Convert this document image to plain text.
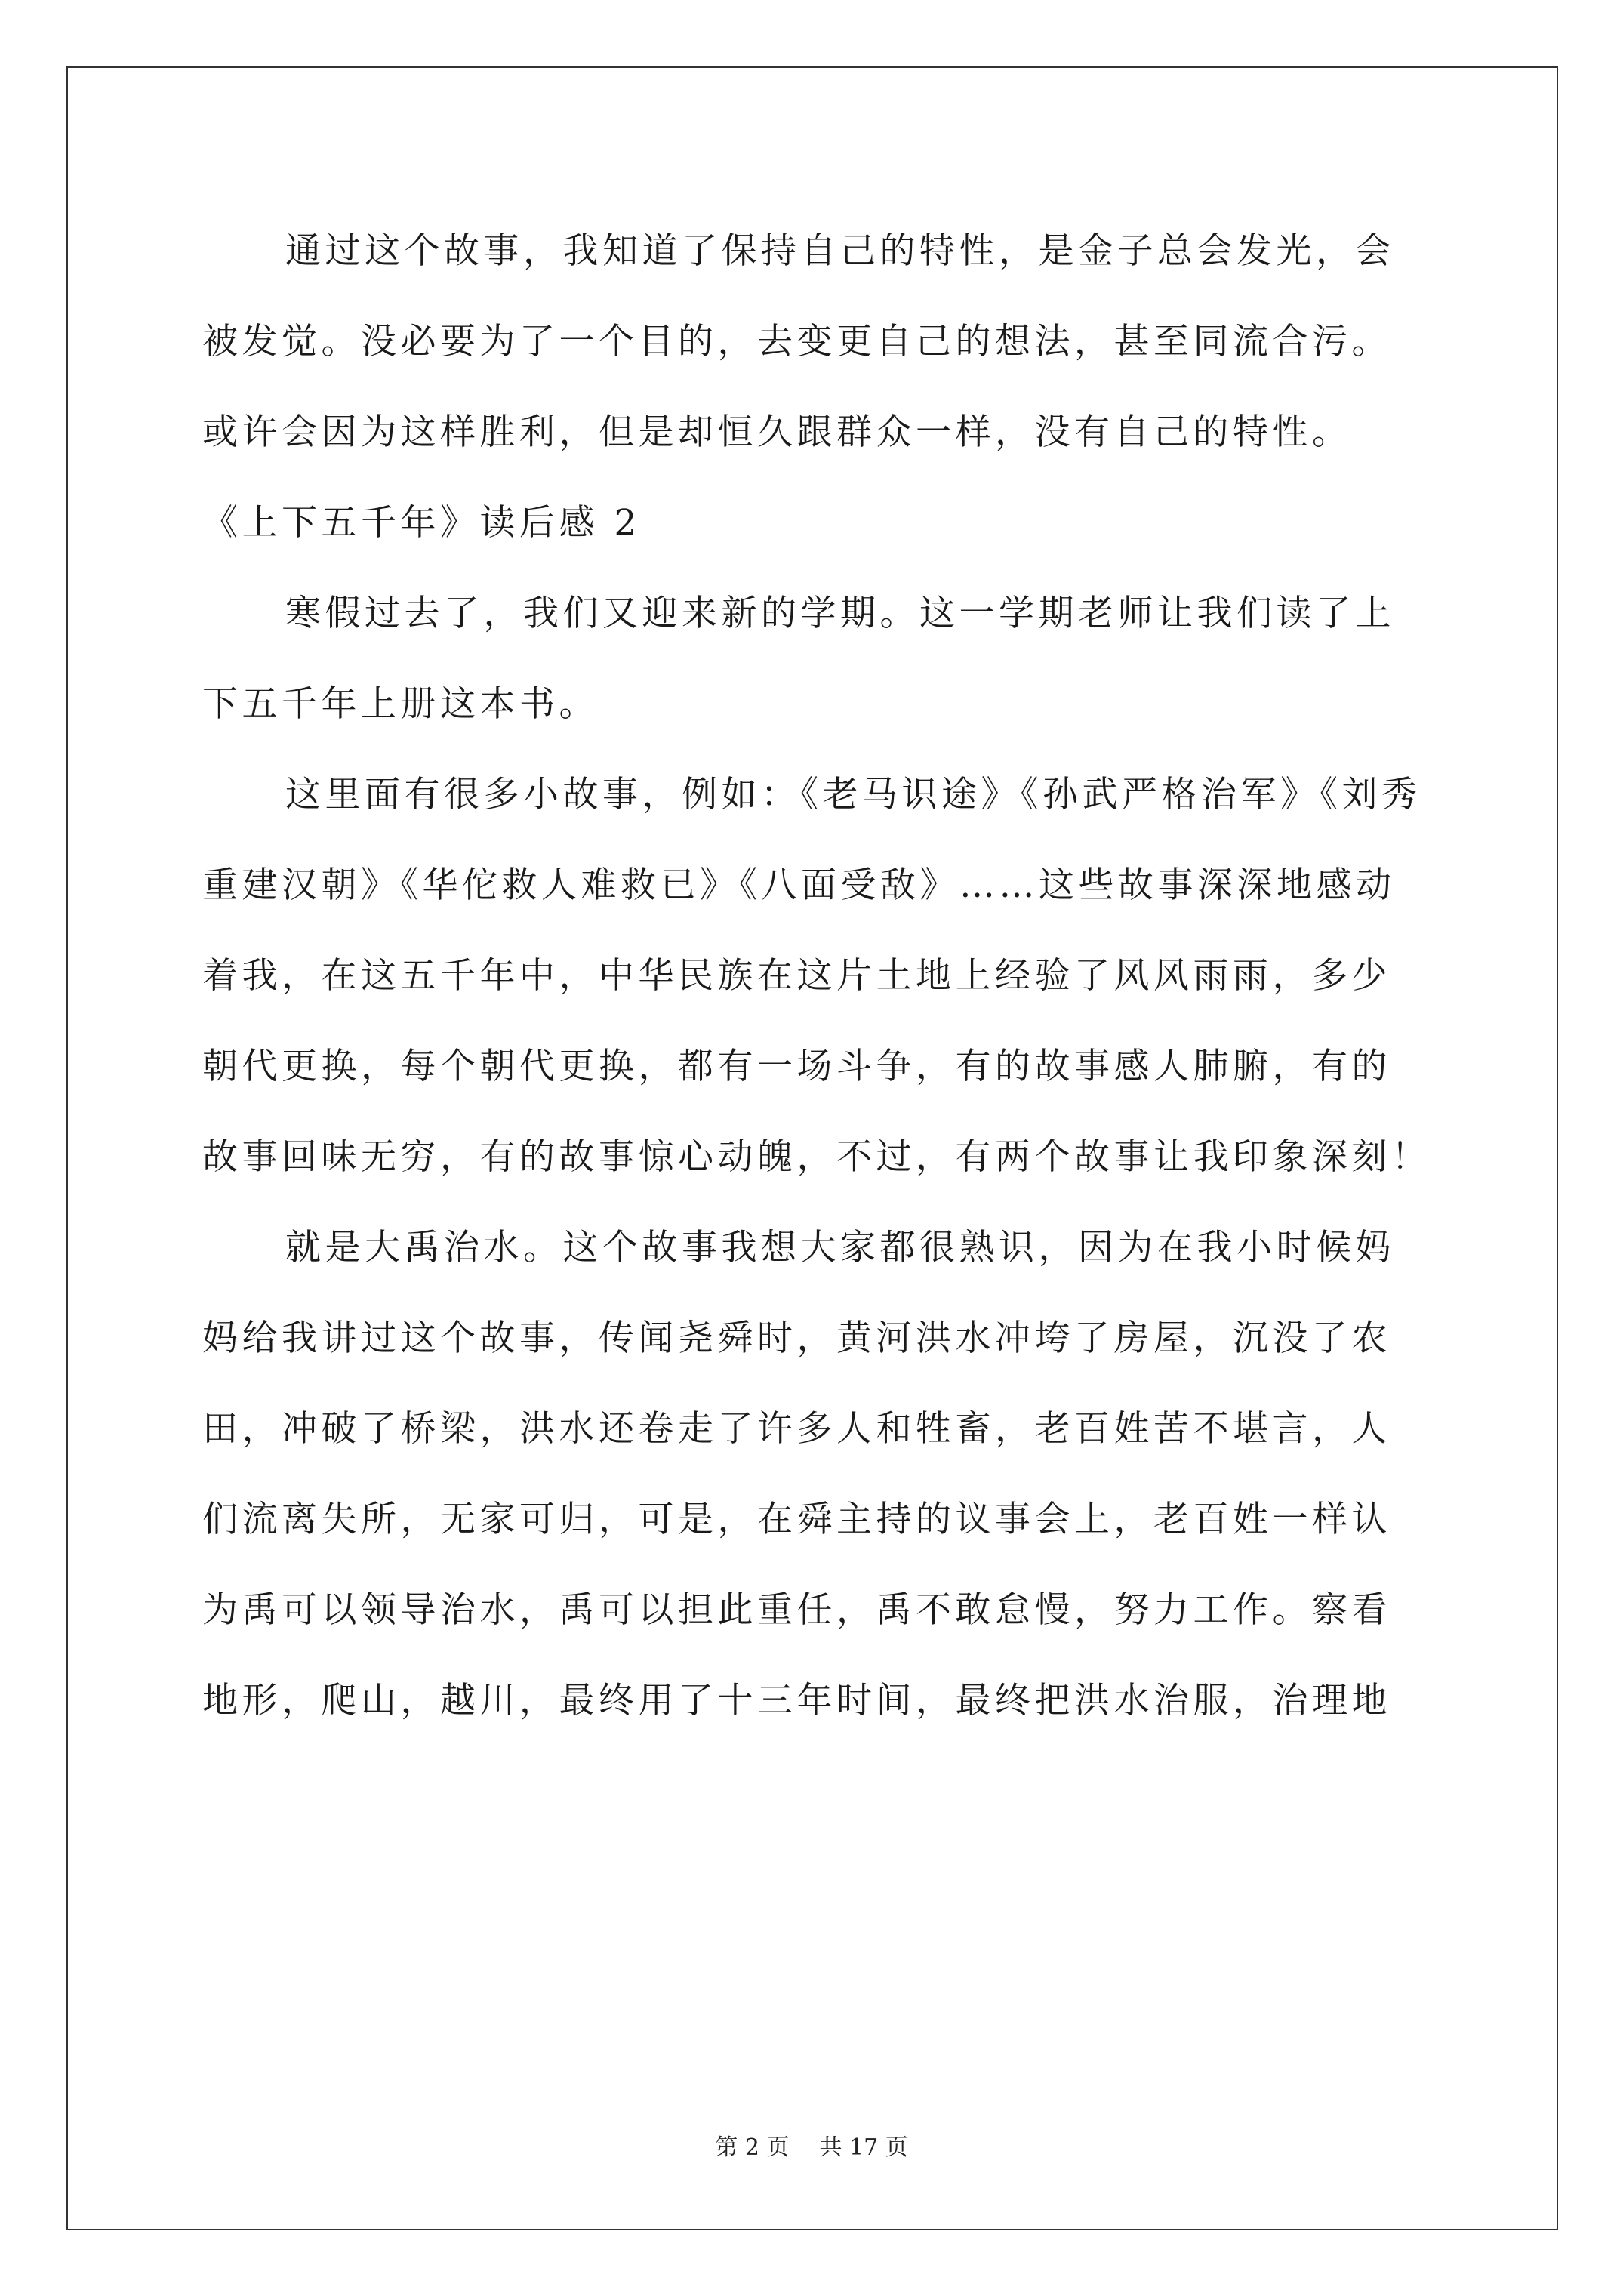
通过这个故事，我知道了保持自己的特性，是金子总会发光，会
被发觉。没必要为了一个目的，去变更自己的想法，甚至同流合污。
或许会因为这样胜利，但是却恒久跟群众一样，没有自己的特性。
《上下五千年》读后感 2
寒假过去了，我们又迎来新的学期。这一学期老师让我们读了上
下五千年上册这本书。
这里面有很多小故事，例如：《老马识途》《孙武严格治军》《刘秀
重建汉朝》《华佗救人难救已》《八面受敌》……这些故事深深地感动
着我，在这五千年中，中华民族在这片土地上经验了风风雨雨，多少
朝代更换，每个朝代更换，都有一场斗争，有的故事感人肺腑，有的
故事回味无穷，有的故事惊心动魄，不过，有两个故事让我印象深刻！
就是大禹治水。这个故事我想大家都很熟识，因为在我小时候妈
妈给我讲过这个故事，传闻尧舜时，黄河洪水冲垮了房屋，沉没了农
田，冲破了桥梁，洪水还卷走了许多人和牲畜，老百姓苦不堪言，人
们流离失所，无家可归，可是，在舜主持的议事会上，老百姓一样认
为禹可以领导治水，禹可以担此重任，禹不敢怠慢，努力工作。察看
地形，爬山，越川，最终用了十三年时间，最终把洪水治服，治理地
第 2 页 共 17 页
